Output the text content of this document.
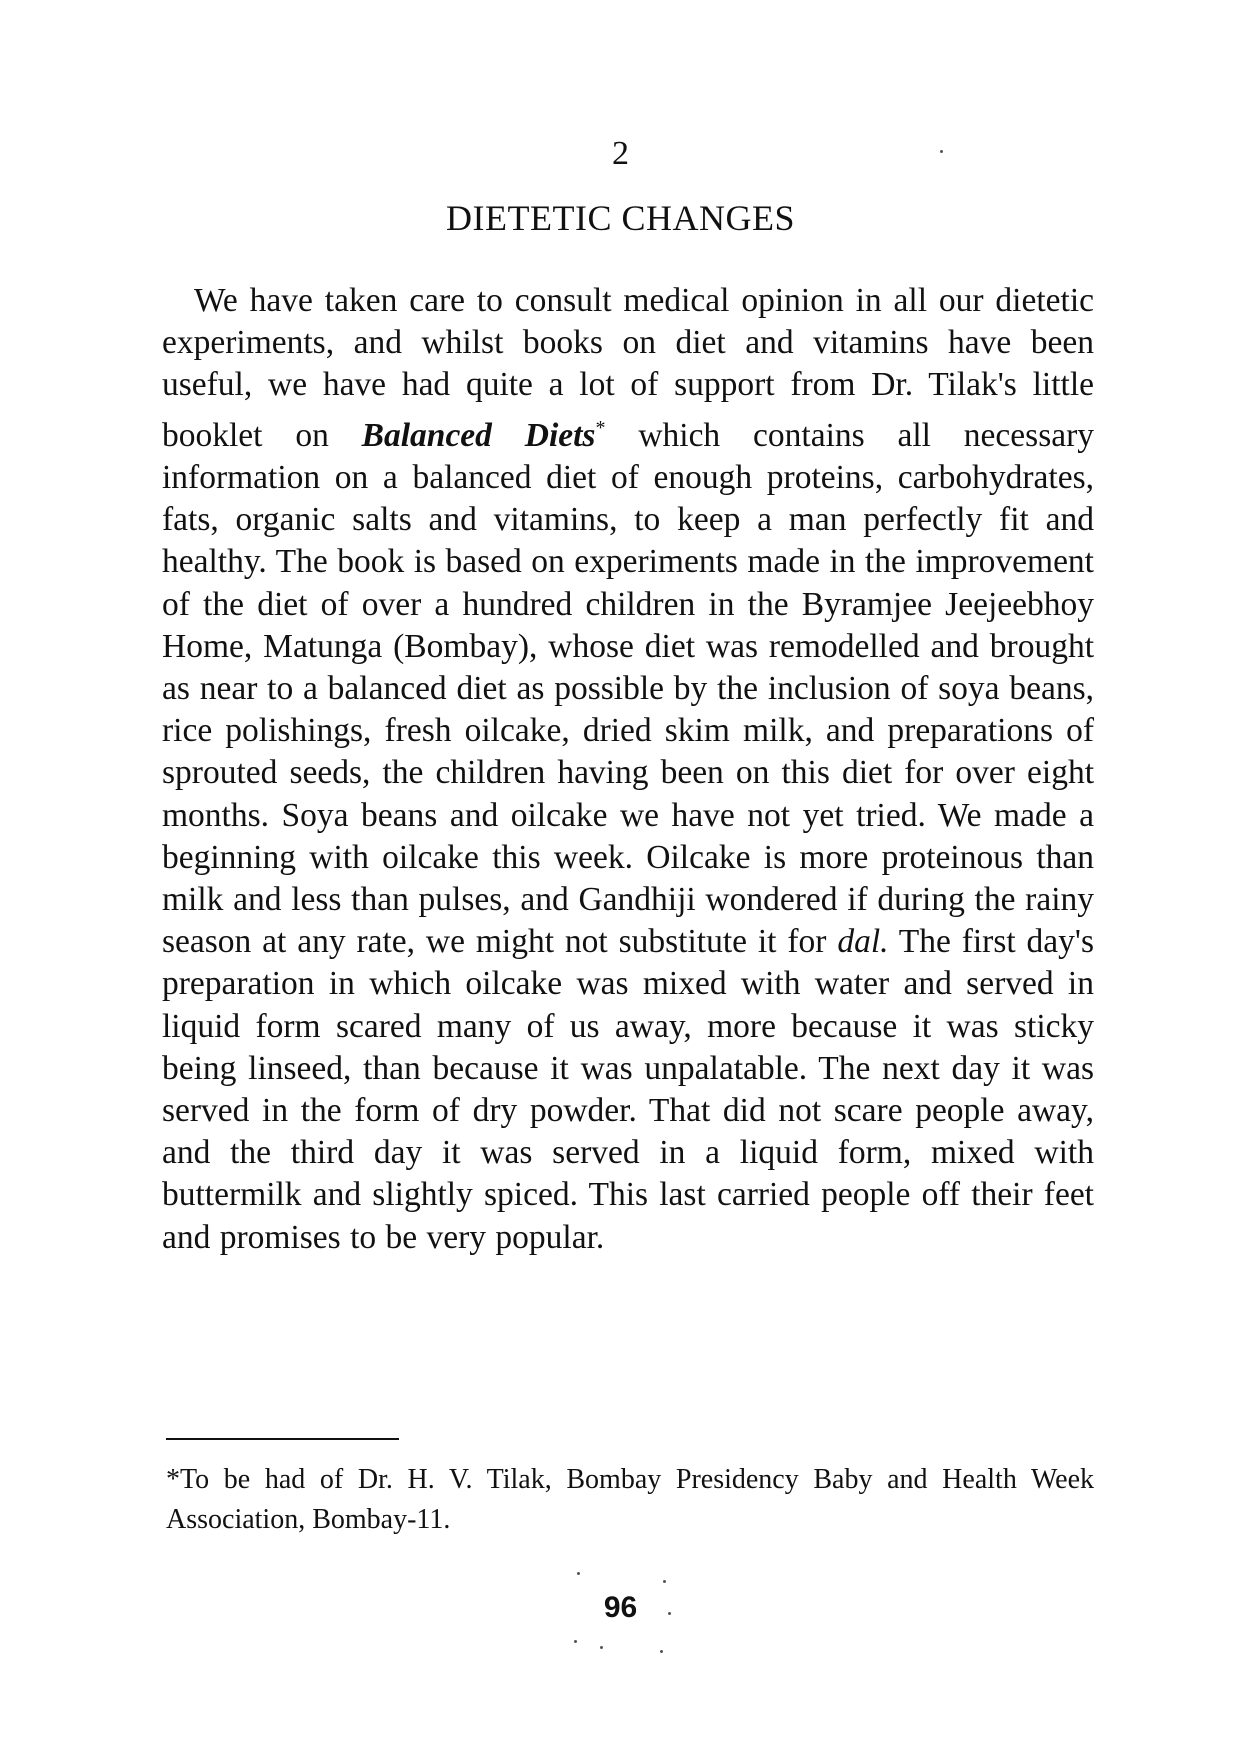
2
DIETETIC CHANGES

We have taken care to consult medical opinion in all our dietetic experiments, and whilst books on diet and vitamins have been useful, we have had quite a lot of support from Dr. Tilak's little booklet on Balanced Diets* which contains all necessary information on a balanced diet of enough proteins, carbohydrates, fats, organic salts and vitamins, to keep a man perfectly fit and healthy. The book is based on experiments made in the improvement of the diet of over a hundred children in the Byramjee Jeejeebhoy Home, Matunga (Bombay), whose diet was remodelled and brought as near to a balanced diet as possible by the inclusion of soya beans, rice polishings, fresh oilcake, dried skim milk, and preparations of sprouted seeds, the children having been on this diet for over eight months. Soya beans and oilcake we have not yet tried. We made a beginning with oilcake this week. Oilcake is more proteinous than milk and less than pulses, and Gandhiji wondered if during the rainy season at any rate, we might not substitute it for dal. The first day's preparation in which oilcake was mixed with water and served in liquid form scared many of us away, more because it was sticky being linseed, than because it was unpalatable. The next day it was served in the form of dry powder. That did not scare people away, and the third day it was served in a liquid form, mixed with buttermilk and slightly spiced. This last carried people off their feet and promises to be very popular.

*To be had of Dr. H. V. Tilak, Bombay Presidency Baby and Health Week Association, Bombay-11.

96
